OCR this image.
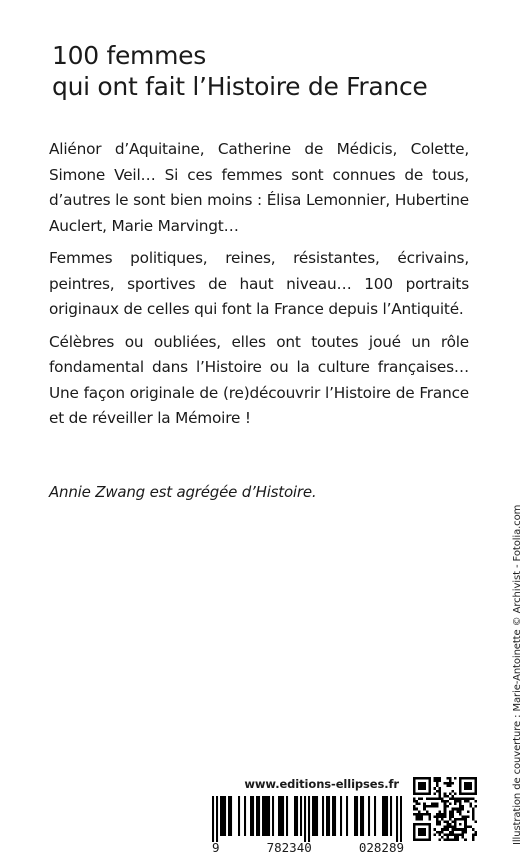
100 femmes
qui ont fait l’Histoire de France

Aliénor d’Aquitaine, Catherine de Médicis, Colette, Simone Veil… Si ces femmes sont connues de tous, d’autres le sont bien moins : Élisa Lemonnier, Hubertine Auclert, Marie Marvingt…

Femmes politiques, reines, résistantes, écrivains, peintres, sportives de haut niveau… 100 portraits originaux de celles qui font la France depuis l’Antiquité.

Célèbres ou oubliées, elles ont toutes joué un rôle fondamental dans l’Histoire ou la culture françaises… Une façon originale de (re)découvrir l’Histoire de France et de réveiller la Mémoire !

Annie Zwang est agrégée d’Histoire.
Illustration de couverture : Marie-Antoinette © Archivist - Fotolia.com
www.editions-ellipses.fr
9	782340	028289
